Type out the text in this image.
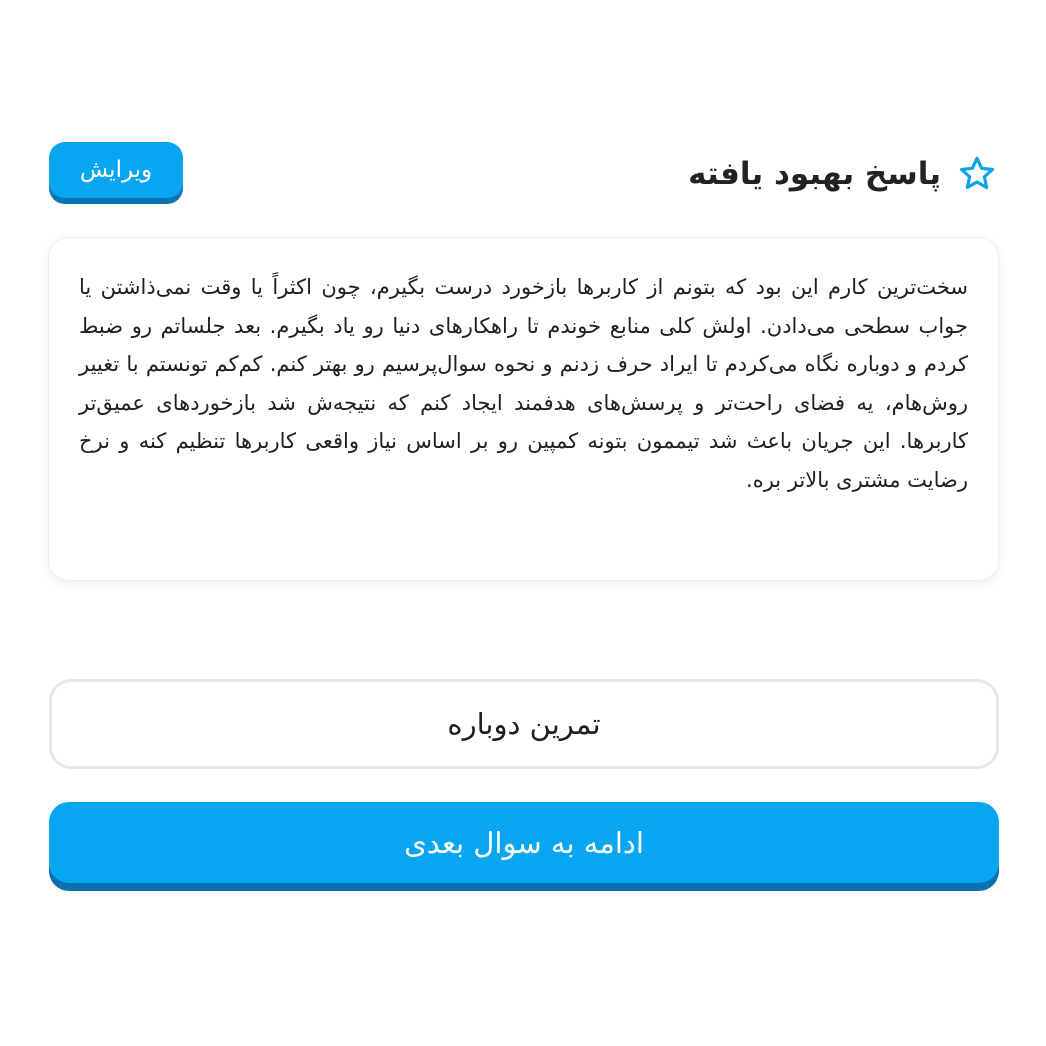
پاسخ بهبود یافته
ویرایش

سخت‌ترین کارم این بود که بتونم از کاربرها بازخورد درست بگیرم، چون اکثراً یا وقت نمی‌ذاشتن یا جواب سطحی می‌دادن. اولش کلی منابع خوندم تا راهکارهای دنیا رو یاد بگیرم. بعد جلساتم رو ضبط کردم و دوباره نگاه می‌کردم تا ایراد حرف زدنم و نحوه سوال‌پرسیم رو بهتر کنم. کم‌کم تونستم با تغییر روش‌هام، یه فضای راحت‌تر و پرسش‌های هدفمند ایجاد کنم که نتیجه‌ش شد بازخوردهای عمیق‌تر کاربرها. این جریان باعث شد تیممون بتونه کمپین رو بر اساس نیاز واقعی کاربرها تنظیم کنه و نرخ رضایت مشتری بالاتر بره.

تمرین دوباره
ادامه به سوال بعدی
